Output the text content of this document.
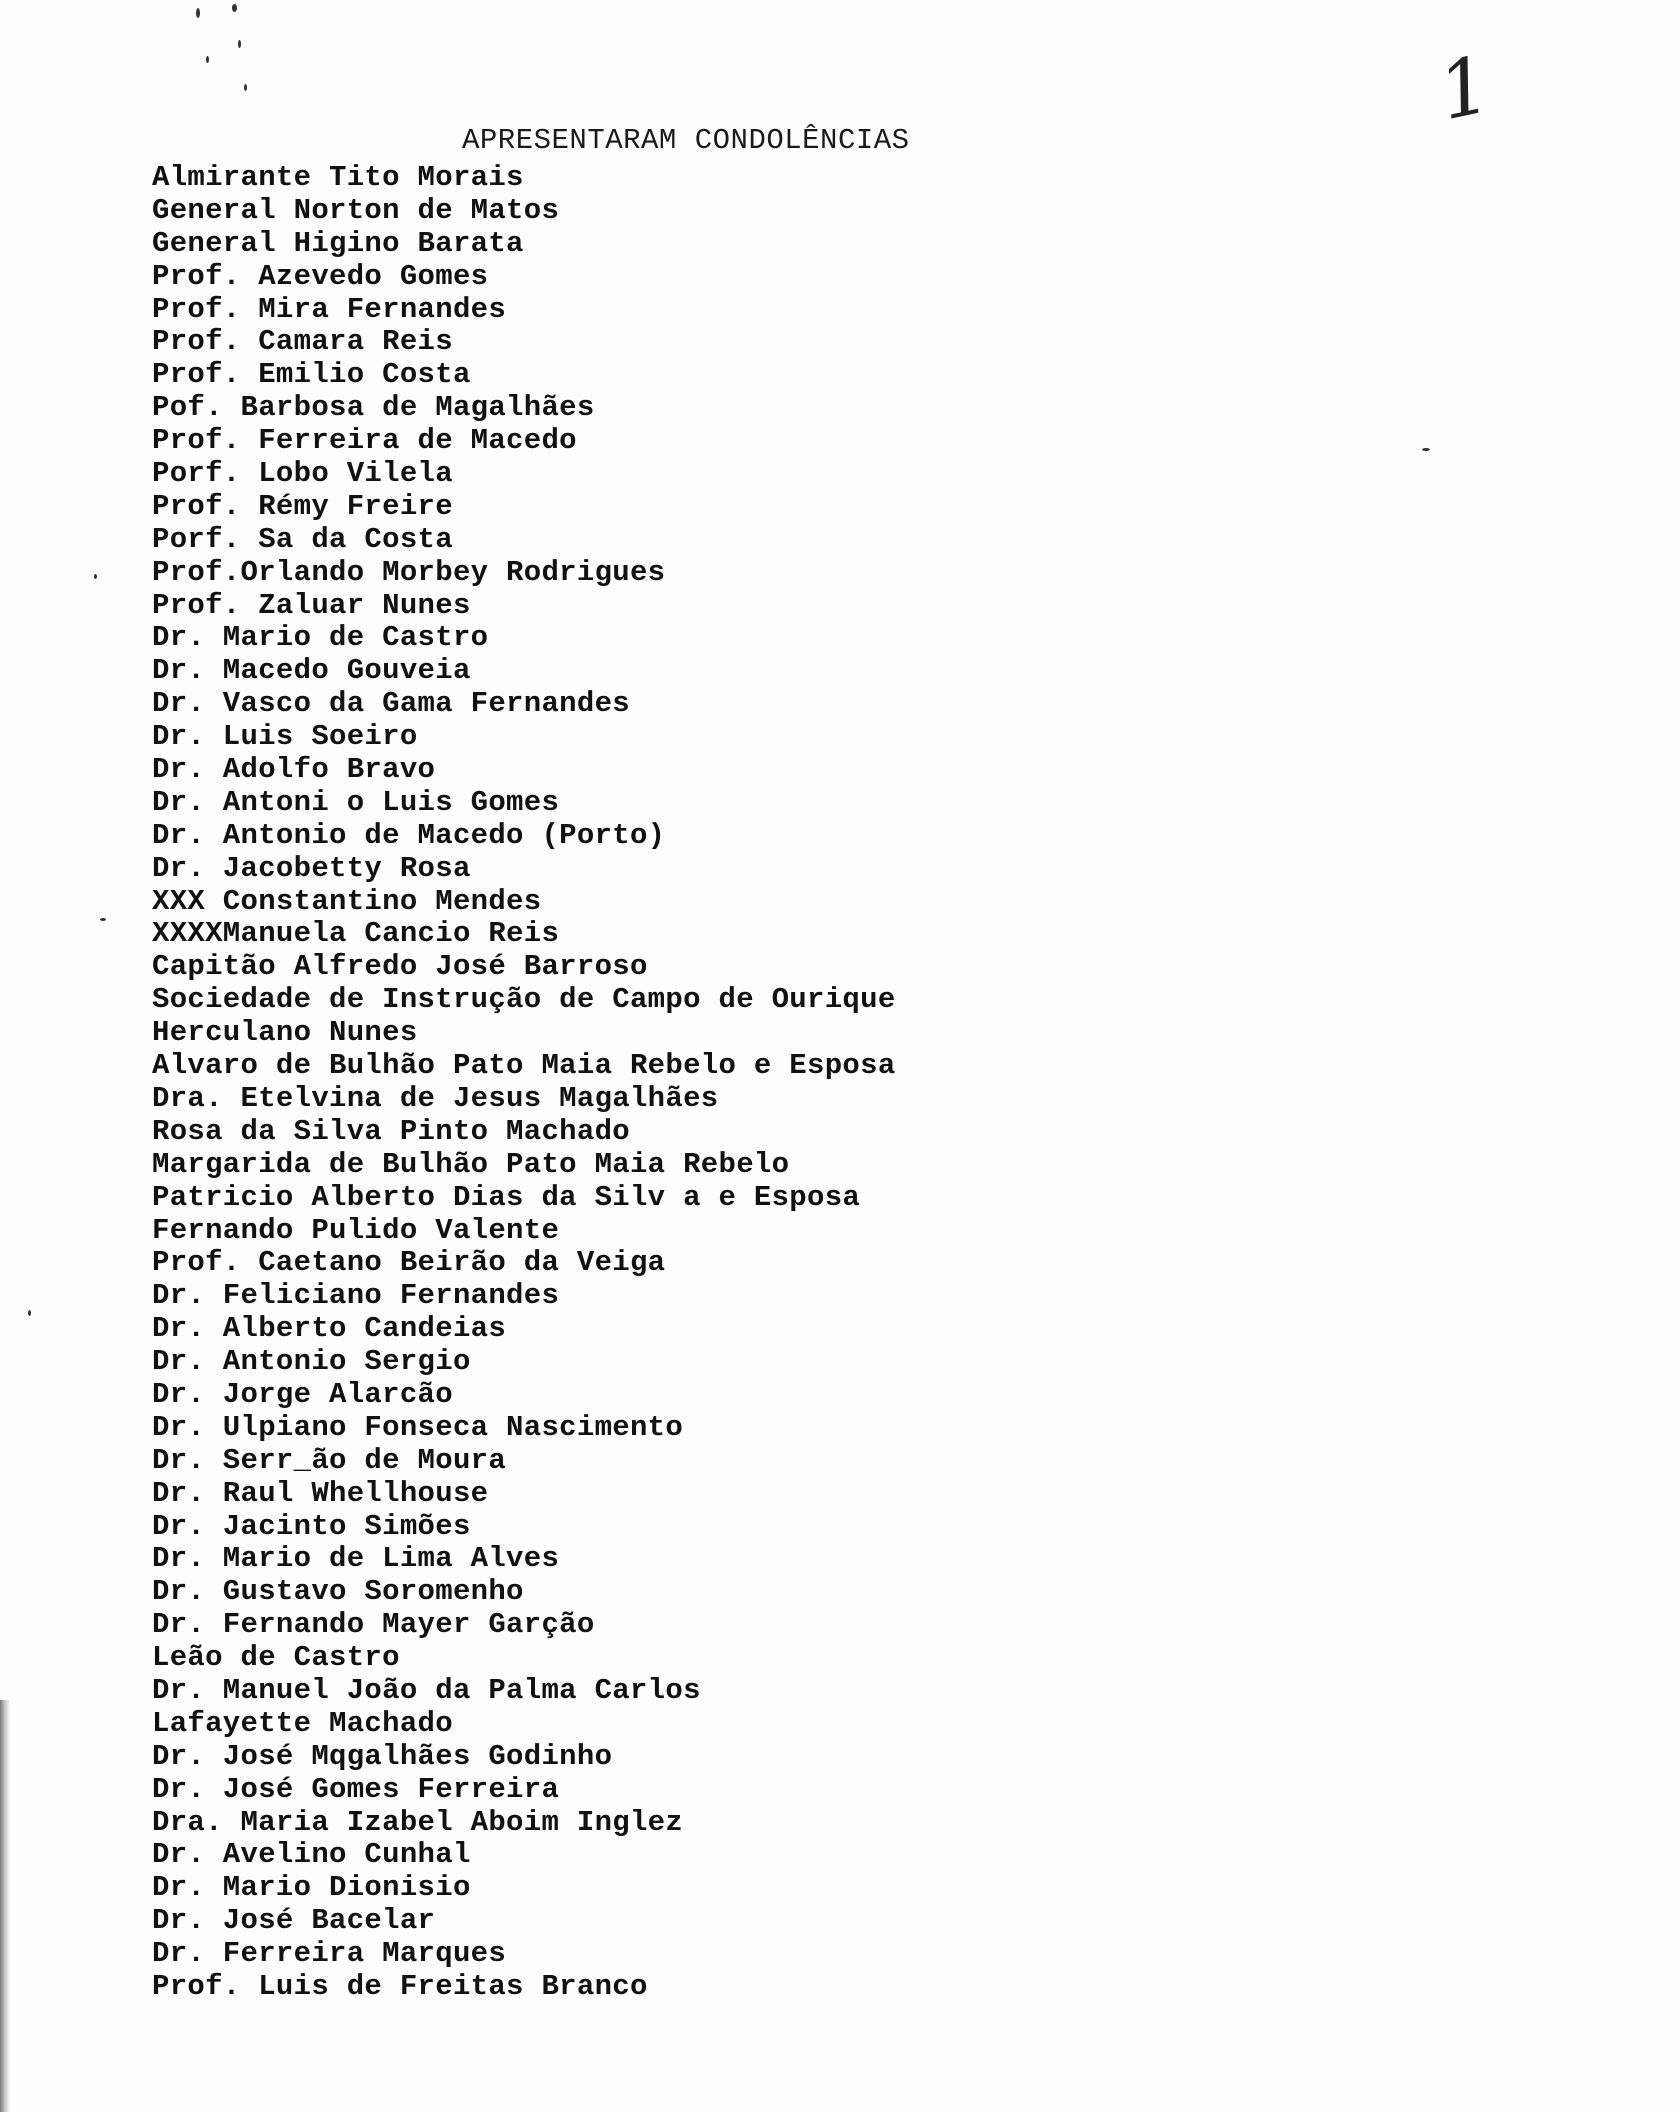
1
APRESENTARAM CONDOLÊNCIAS
Almirante Tito Morais
General Norton de Matos
General Higino Barata
Prof. Azevedo Gomes
Prof. Mira Fernandes
Prof. Camara Reis
Prof. Emilio Costa
Pof. Barbosa de Magalhães
Prof. Ferreira de Macedo
Porf. Lobo Vilela
Prof. Rémy Freire
Porf. Sa da Costa
Prof.Orlando Morbey Rodrigues
Prof. Zaluar Nunes
Dr. Mario de Castro
Dr. Macedo Gouveia
Dr. Vasco da Gama Fernandes
Dr. Luis Soeiro
Dr. Adolfo Bravo
Dr. Antoni o Luis Gomes
Dr. Antonio de Macedo (Porto)
Dr. Jacobetty Rosa
XXX Constantino Mendes
XXXXManuela Cancio Reis
Capitão Alfredo José Barroso
Sociedade de Instrução de Campo de Ourique
Herculano Nunes
Alvaro de Bulhão Pato Maia Rebelo e Esposa
Dra. Etelvina de Jesus Magalhães
Rosa da Silva Pinto Machado
Margarida de Bulhão Pato Maia Rebelo
Patricio Alberto Dias da Silv a e Esposa
Fernando Pulido Valente
Prof. Caetano Beirão da Veiga
Dr. Feliciano Fernandes
Dr. Alberto Candeias
Dr. Antonio Sergio
Dr. Jorge Alarcão
Dr. Ulpiano Fonseca Nascimento
Dr. Serr_ão de Moura
Dr. Raul Whellhouse
Dr. Jacinto Simões
Dr. Mario de Lima Alves
Dr. Gustavo Soromenho
Dr. Fernando Mayer Garção
Leão de Castro
Dr. Manuel João da Palma Carlos
Lafayette Machado
Dr. José Mqgalhães Godinho
Dr. José Gomes Ferreira
Dra. Maria Izabel Aboim Inglez
Dr. Avelino Cunhal
Dr. Mario Dionisio
Dr. José Bacelar
Dr. Ferreira Marques
Prof. Luis de Freitas Branco
